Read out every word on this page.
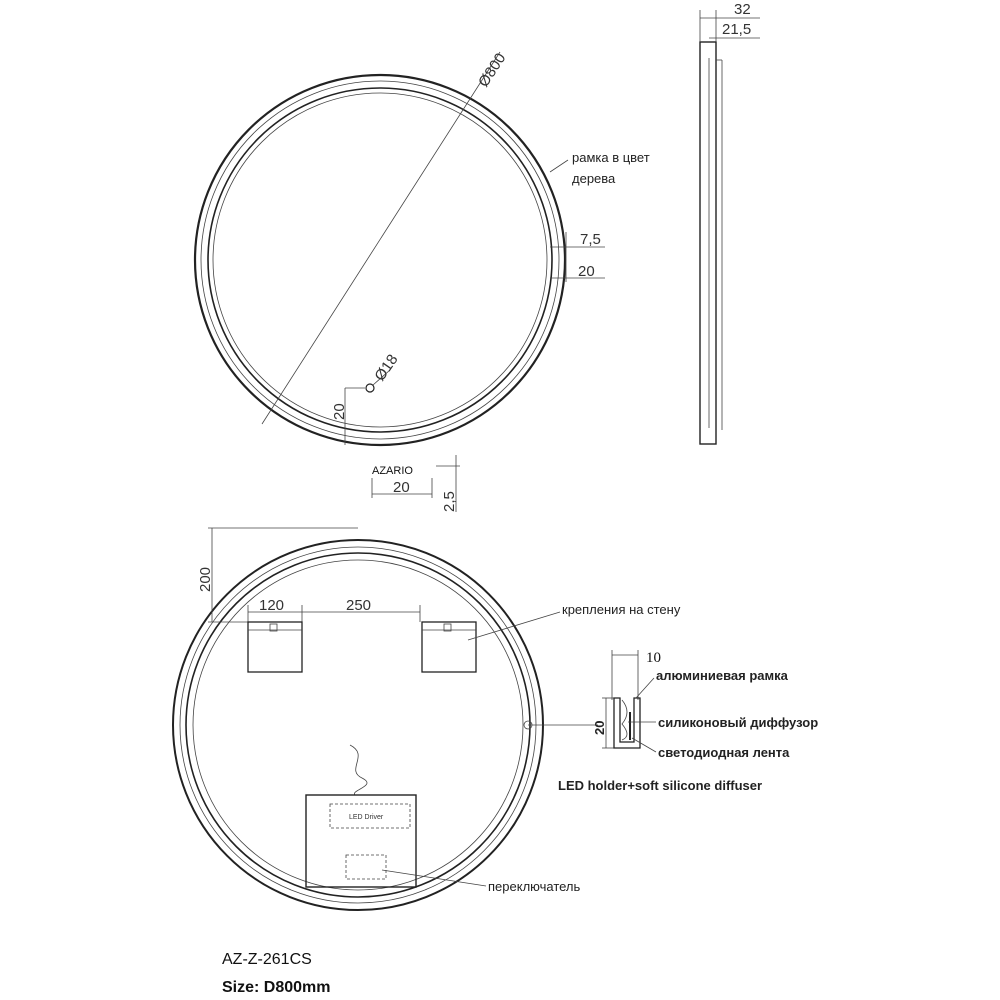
Ø800
рамка в цвет
дерева
7,5
20
Ø18
20
AZARIO
20
2,5
32
21,5
200
120	250	крепления на стену
LED Driver
переключатель
10
20
алюминиевая рамка
силиконовый диффузор
светодиодная лента
LED holder+soft silicone diffuser
AZ-Z-261CS
Size: D800mm
